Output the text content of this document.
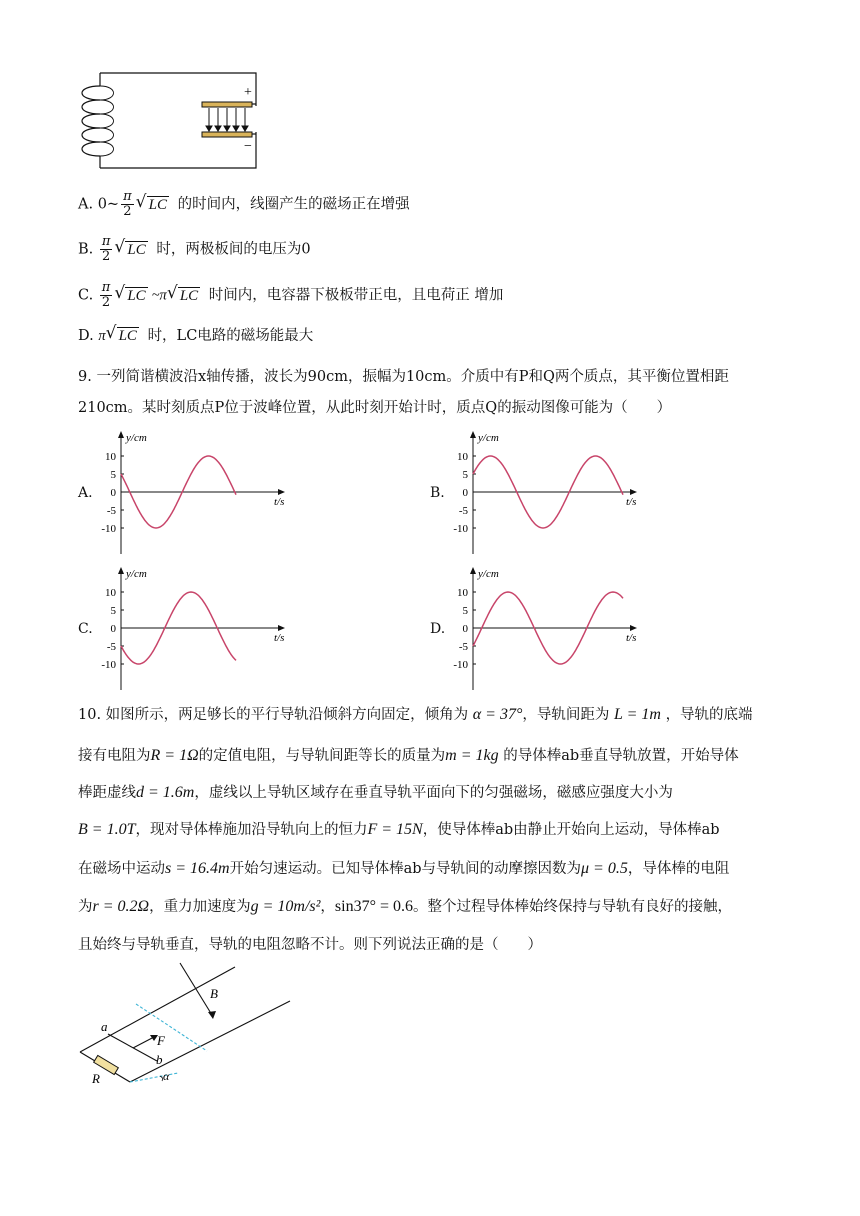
+
−
A. 0~ $\frac{\pi}{2}$ √ LC 的时间内，线圈产生的磁场正在增强
B. $\frac{\pi}{2}$ √ LC 时，两极板间的电压为0
C. $\frac{\pi}{2}$ √ LC ~π √ LC 时间内，电容器下极板带正电，且电荷正 增加
D. π √ LC 时，LC电路的磁场能最大
9. 一列简谐横波沿x轴传播，波长为90cm，振幅为10cm。介质中有P和Q两个质点，其平衡位置相距
210cm。某时刻质点P位于波峰位置，从此时刻开始计时，质点Q的振动图像可能为（　　）
A.	B.
C.	D.
y/cm
t/s
10
5
0
-5
-10
y/cm
t/s
10
5
0
-5
-10
y/cm
t/s
10
5
0
-5
-10
y/cm
t/s
10
5
0
-5
-10
10. 如图所示，两足够长的平行导轨沿倾斜方向固定，倾角为 α = 37°，导轨间距为 L = 1m ，导轨的底端
接有电阻为R = 1Ω的定值电阻，与导轨间距等长的质量为m = 1kg 的导体棒ab垂直导轨放置，开始导体
棒距虚线d = 1.6m，虚线以上导轨区域存在垂直导轨平面向下的匀强磁场，磁感应强度大小为
B = 1.0T，现对导体棒施加沿导轨向上的恒力F = 15N，使导体棒ab由静止开始向上运动，导体棒ab
在磁场中运动s = 16.4m开始匀速运动。已知导体棒ab与导轨间的动摩擦因数为μ = 0.5，导体棒的电阻
为r = 0.2Ω，重力加速度为g = 10m/s²，sin37° = 0.6。整个过程导体棒始终保持与导轨有良好的接触，
且始终与导轨垂直，导轨的电阻忽略不计。则下列说法正确的是（　　）
B
F
a
b
R	α
